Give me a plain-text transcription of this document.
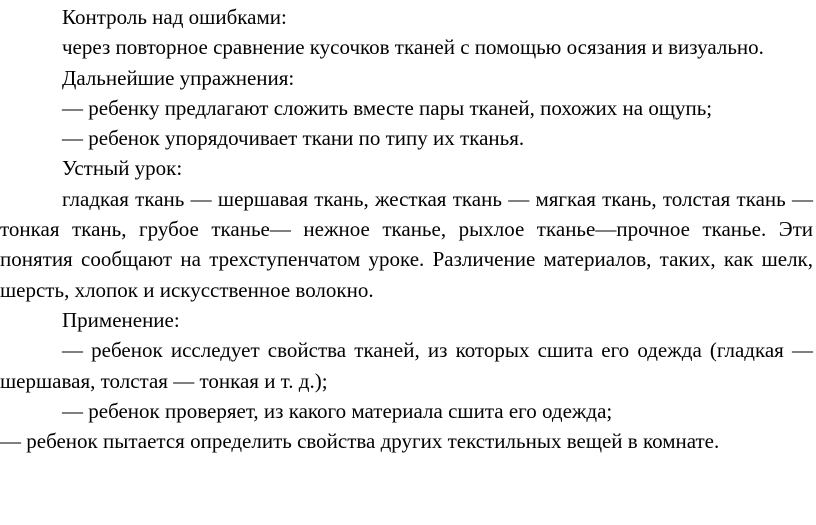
Контроль над ошибками:

через повторное сравнение кусочков тканей с помощью осязания и визуально.

Дальнейшие упражнения:

— ребенку предлагают сложить вместе пары тканей, похожих на ощупь;

— ребенок упорядочивает ткани по типу их тканья.

Устный урок:

гладкая ткань — шершавая ткань, жесткая ткань — мягкая ткань, толстая ткань — тонкая ткань, грубое тканье— нежное тканье, рыхлое тканье—прочное тканье. Эти понятия сообщают на трехступенчатом уроке. Различение материалов, таких, как шелк, шерсть, хлопок и искусственное волокно.

Применение:

— ребенок исследует свойства тканей, из которых сшита его одежда (гладкая — шершавая, толстая — тонкая и т. д.);

— ребенок проверяет, из какого материала сшита его одежда;

— ребенок пытается определить свойства других текстильных вещей в комнате.
